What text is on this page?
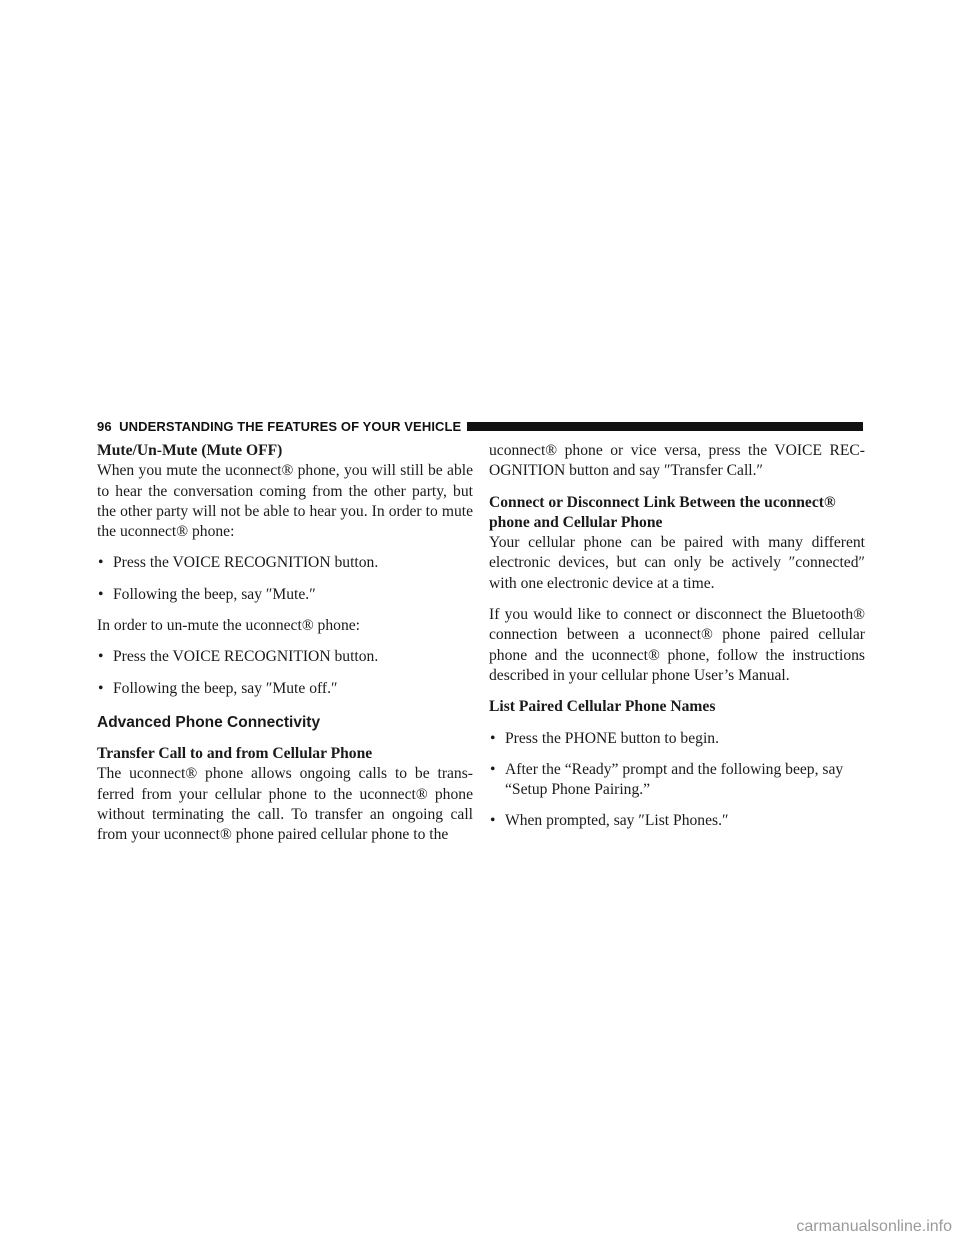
96 UNDERSTANDING THE FEATURES OF YOUR VEHICLE

Mute/Un-Mute (Mute OFF)

When you mute the uconnect® phone, you will still be able to hear the conversation coming from the other party, but the other party will not be able to hear you. In order to mute the uconnect® phone:

• Press the VOICE RECOGNITION button.
• Following the beep, say ″Mute.″

In order to un-mute the uconnect® phone:

• Press the VOICE RECOGNITION button.
• Following the beep, say ″Mute off.″

Advanced Phone Connectivity

Transfer Call to and from Cellular Phone

The uconnect® phone allows ongoing calls to be trans-ferred from your cellular phone to the uconnect® phone without terminating the call. To transfer an ongoing call from your uconnect® phone paired cellular phone to the

uconnect® phone or vice versa, press the VOICE REC-OGNITION button and say ″Transfer Call.″

Connect or Disconnect Link Between the uconnect® phone and Cellular Phone

Your cellular phone can be paired with many different electronic devices, but can only be actively ″connected″ with one electronic device at a time.

If you would like to connect or disconnect the Bluetooth® connection between a uconnect® phone paired cellular phone and the uconnect® phone, follow the instructions described in your cellular phone User’s Manual.

List Paired Cellular Phone Names

• Press the PHONE button to begin.
• After the “Ready” prompt and the following beep, say “Setup Phone Pairing.”
• When prompted, say ″List Phones.″
carmanualsonline.info
